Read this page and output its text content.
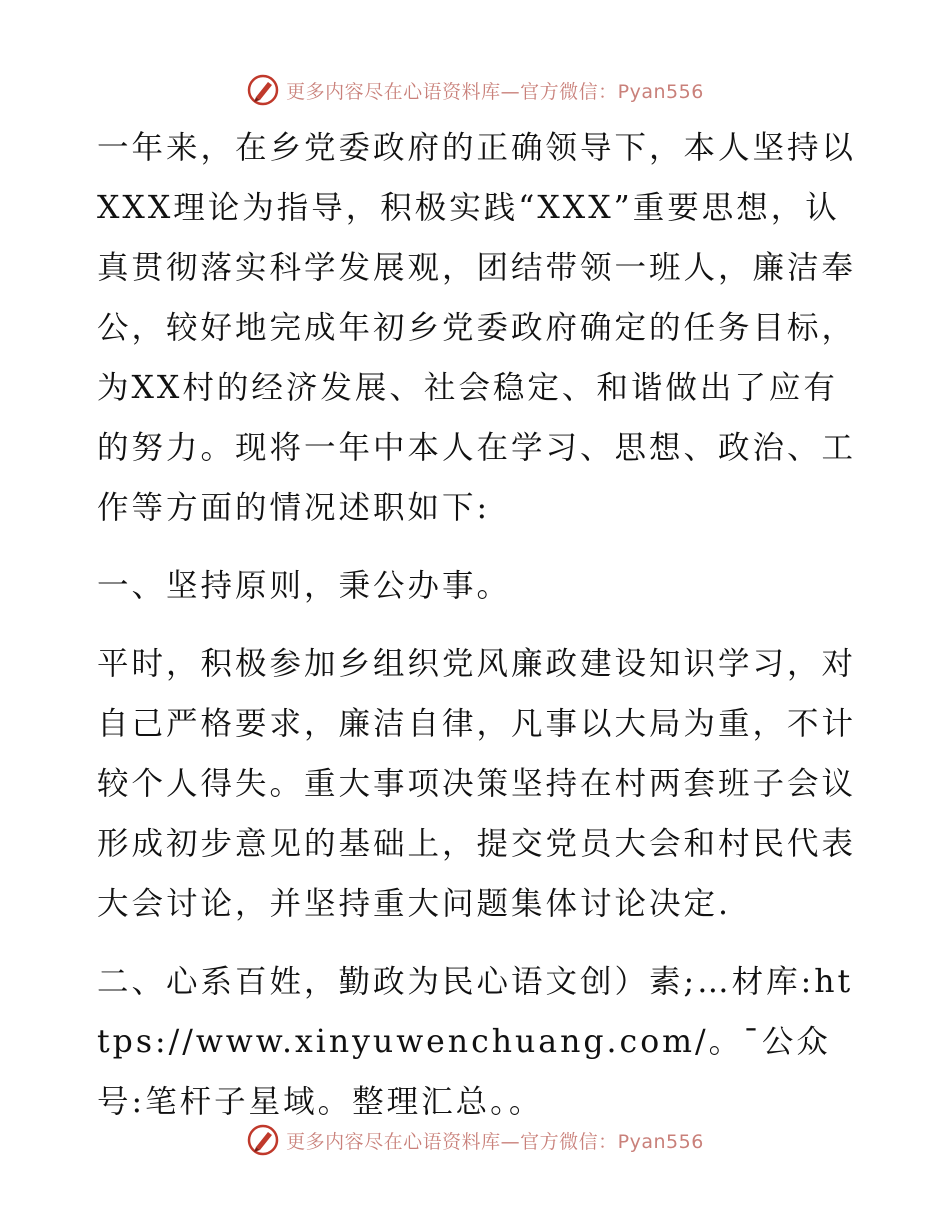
更多内容尽在心语资料库—官方微信：Pyan556

一年来，在乡党委政府的正确领导下，本人坚持以XXX理论为指导，积极实践“XXX”重要思想，认真贯彻落实科学发展观，团结带领一班人，廉洁奉公，较好地完成年初乡党委政府确定的任务目标，为XX村的经济发展、社会稳定、和谐做出了应有的努力。现将一年中本人在学习、思想、政治、工作等方面的情况述职如下:

一、坚持原则，秉公办事。

平时，积极参加乡组织党风廉政建设知识学习，对自己严格要求，廉洁自律，凡事以大局为重，不计较个人得失。重大事项决策坚持在村两套班子会议形成初步意见的基础上，提交党员大会和村民代表大会讨论，并坚持重大问题集体讨论决定.

二、心系百姓，勤政为民心语文创）素;…材库:https://www.xinyuwenchuang.com/。¯公众号:笔杆子星域。整理汇总。。

更多内容尽在心语资料库—官方微信：Pyan556
